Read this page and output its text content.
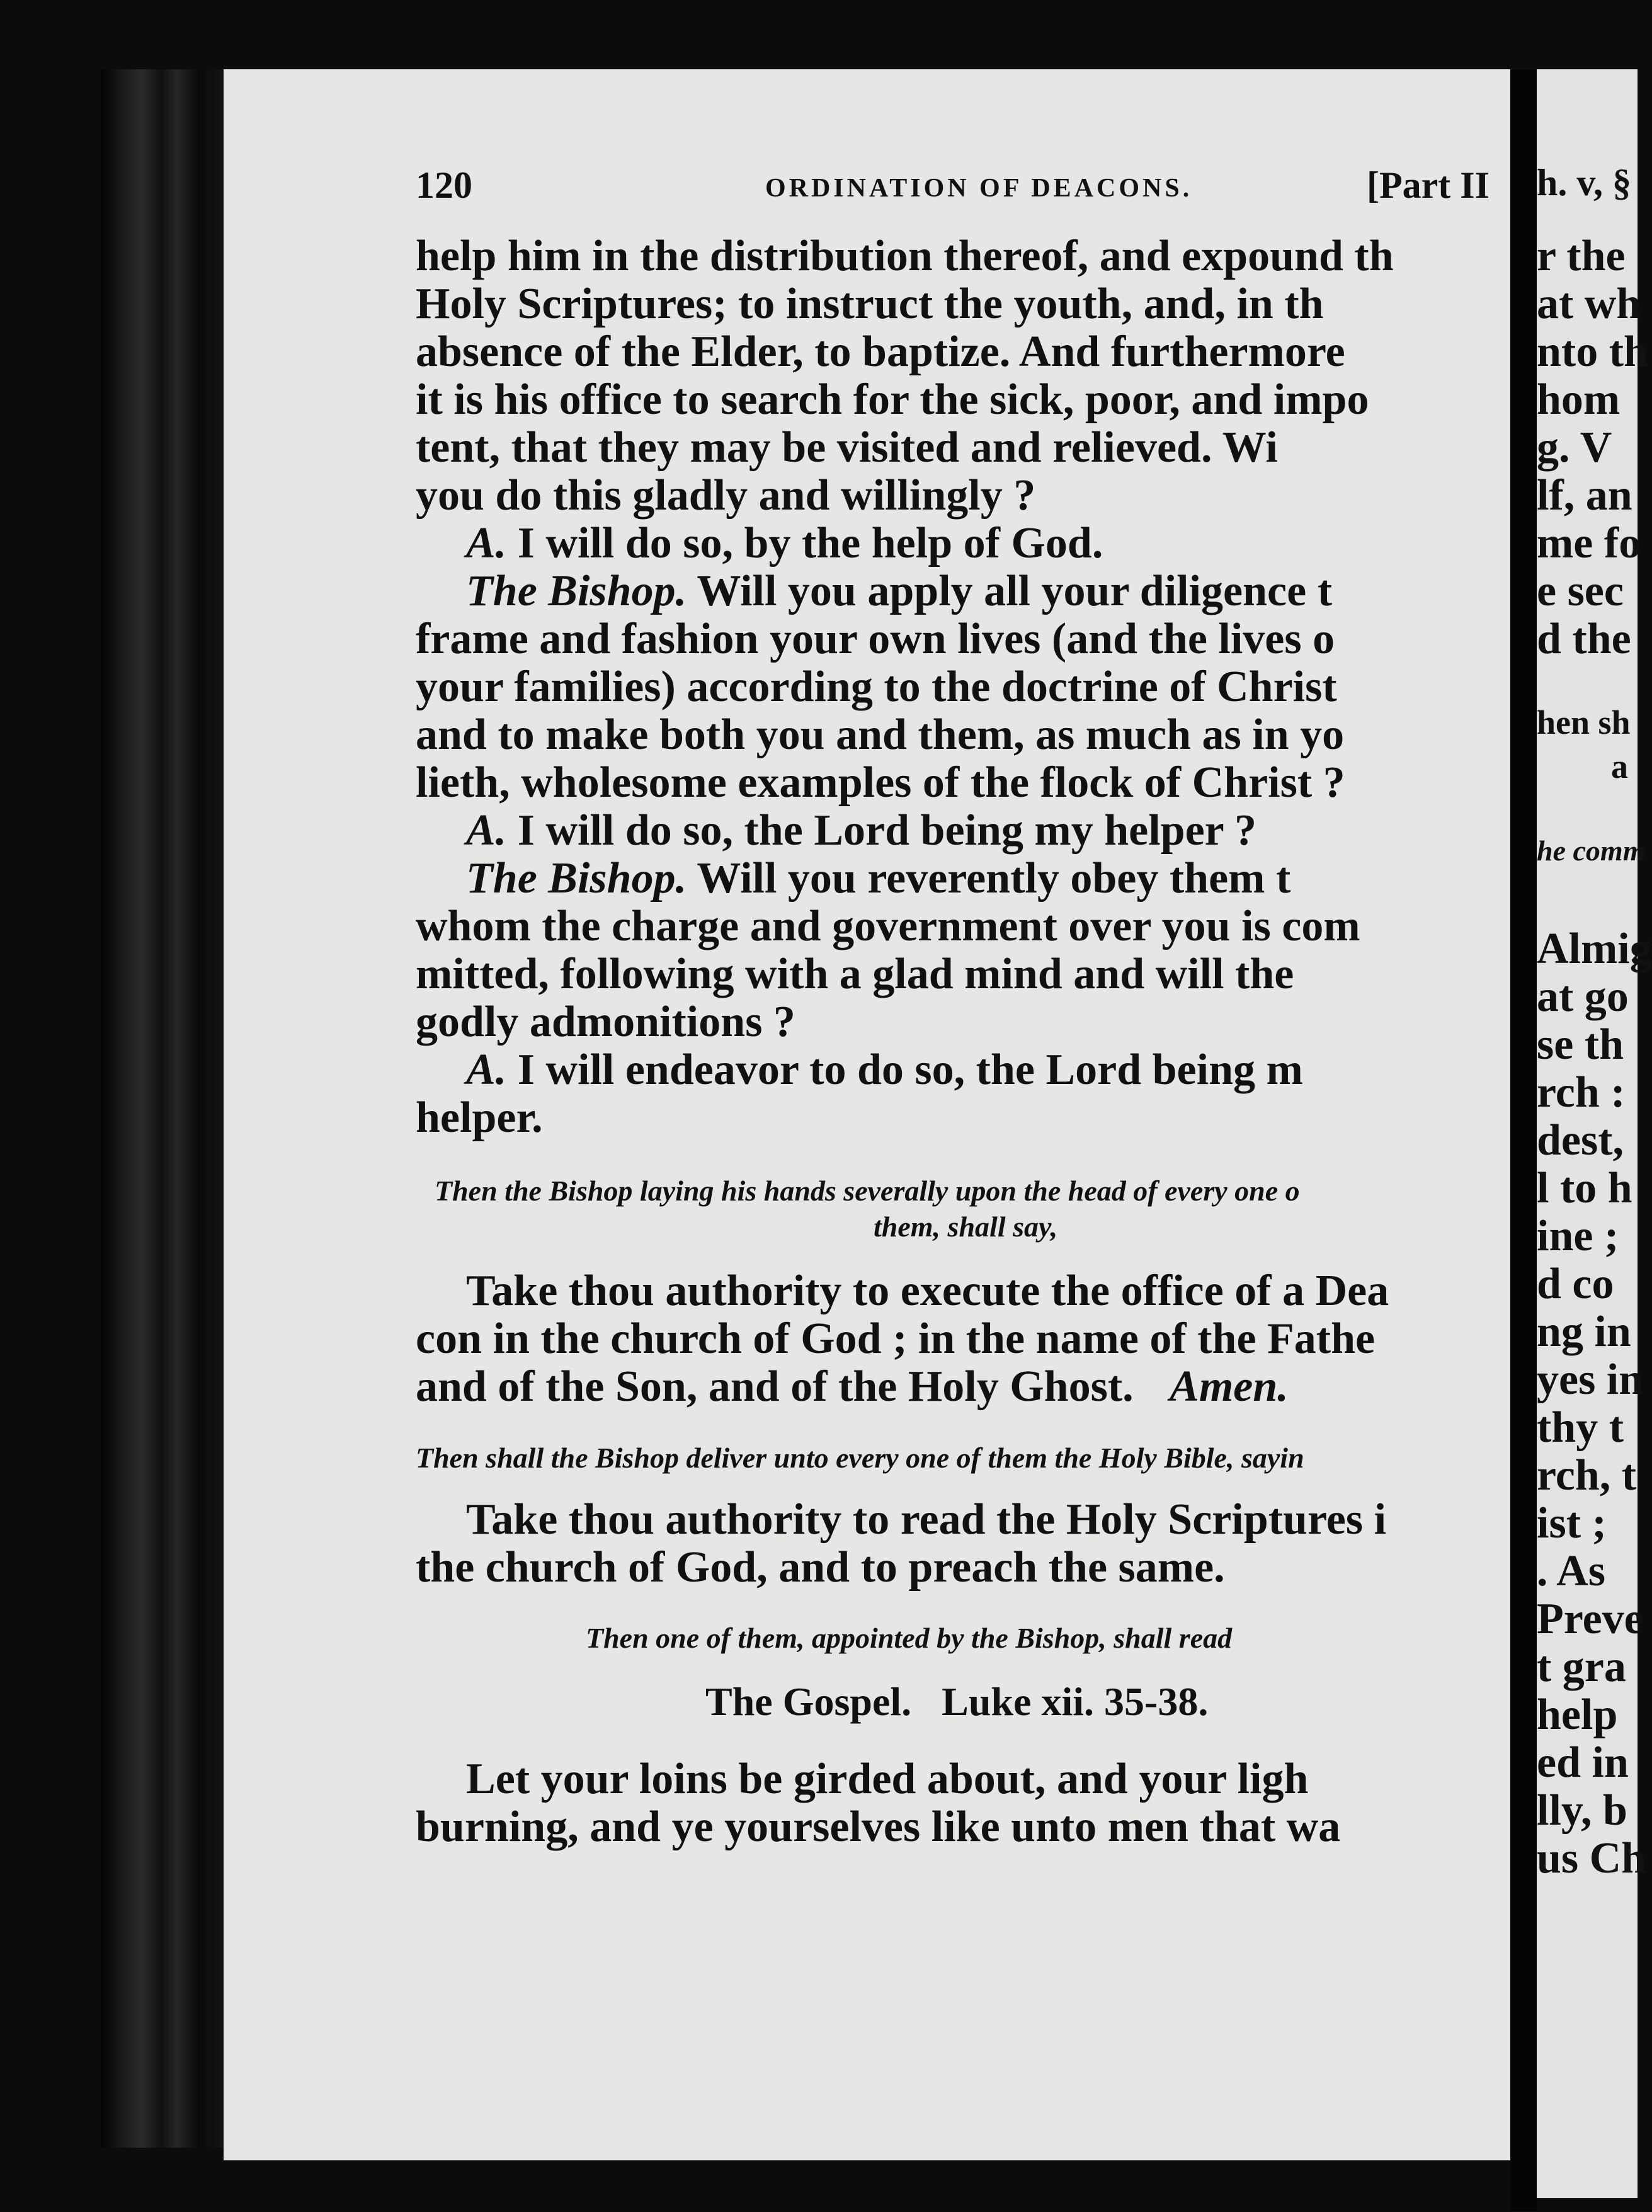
120	ORDINATION OF DEACONS.	[Part II
help him in the distribution thereof, and expound th
Holy Scriptures; to instruct the youth, and, in th
absence of the Elder, to baptize. And furthermore
it is his office to search for the sick, poor, and impo
tent, that they may be visited and relieved. Wi
you do this gladly and willingly ?
A. I will do so, by the help of God.
The Bishop. Will you apply all your diligence t
frame and fashion your own lives (and the lives o
your families) according to the doctrine of Christ
and to make both you and them, as much as in yo
lieth, wholesome examples of the flock of Christ ?
A. I will do so, the Lord being my helper ?
The Bishop. Will you reverently obey them t
whom the charge and government over you is com
mitted, following with a glad mind and will the
godly admonitions ?
A. I will endeavor to do so, the Lord being m
helper.
Then the Bishop laying his hands severally upon the head of every one o
them, shall say,
Take thou authority to execute the office of a Dea
con in the church of God ; in the name of the Fathe
and of the Son, and of the Holy Ghost. Amen.
Then shall the Bishop deliver unto every one of them the Holy Bible, sayin
Take thou authority to read the Holy Scriptures i
the church of God, and to preach the same.
Then one of them, appointed by the Bishop, shall read
The Gospel.   Luke xii. 35-38.
Let your loins be girded about, and your ligh
burning, and ye yourselves like unto men that wa
h. v, §
r the
at wh
nto th
hom
g. V
lf, an
me fo
e sec
d the
hen sh
a
he comm
Almig
at go
se th
rch :
dest,
l to h
ine ;
d co
ng in
yes in
thy t
rch, t
ist ;
. As
Preve
t gra
help
ed in
lly, b
us Ch
